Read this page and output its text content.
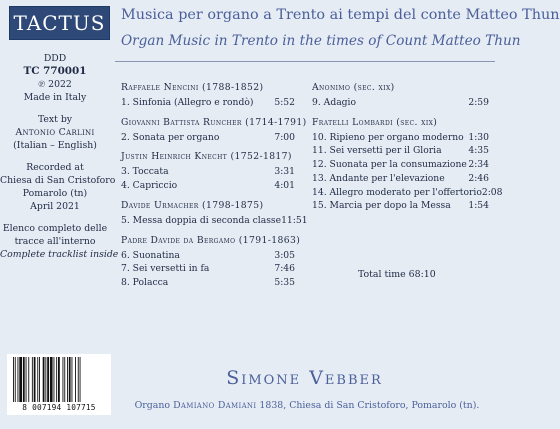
TACTUS Musica per organo a Trento ai tempi del conte Matteo Thun
Organ Music in Trento in the times of Count Matteo Thun
DDD
TC 770001
℗ 2022
Made in Italy
Text by
Antonio Carlini
(Italian – English)
Recorded at
Chiesa di San Cristoforo
Pomarolo (tn)
April 2021
Elenco completo delle
tracce all'interno
Complete tracklist inside
Raffaele Nencini (1788-1852)
1. Sinfonia (Allegro e rondò) 5:52
Giovanni Battista Runcher (1714-1791)
2. Sonata per organo	7:00
Justin Heinrich Knecht (1752-1817)
3. Toccata	3:31
4. Capriccio	4:01
Davide Urmacher (1798-1875)
5. Messa doppia di seconda classe 11:51
Padre Davide da Bergamo (1791-1863)
6. Suonatina	3:05
7. Sei versetti in fa	7:46
8. Polacca	5:35
Anonimo (sec. xix)
9. Adagio	2:59
Fratelli Lombardi (sec. xix)
10. Ripieno per organo moderno 1:30
11. Sei versetti per il Gloria	4:35
12. Suonata per la consumazione 2:34
13. Andante per l'elevazione	2:46
14. Allegro moderato per l'offertorio 2:08
15. Marcia per dopo la Messa 1:54
Total time 68:10
8 007194 107715
Simone Vebber
Organo Damiano Damiani 1838, Chiesa di San Cristoforo, Pomarolo (tn).
